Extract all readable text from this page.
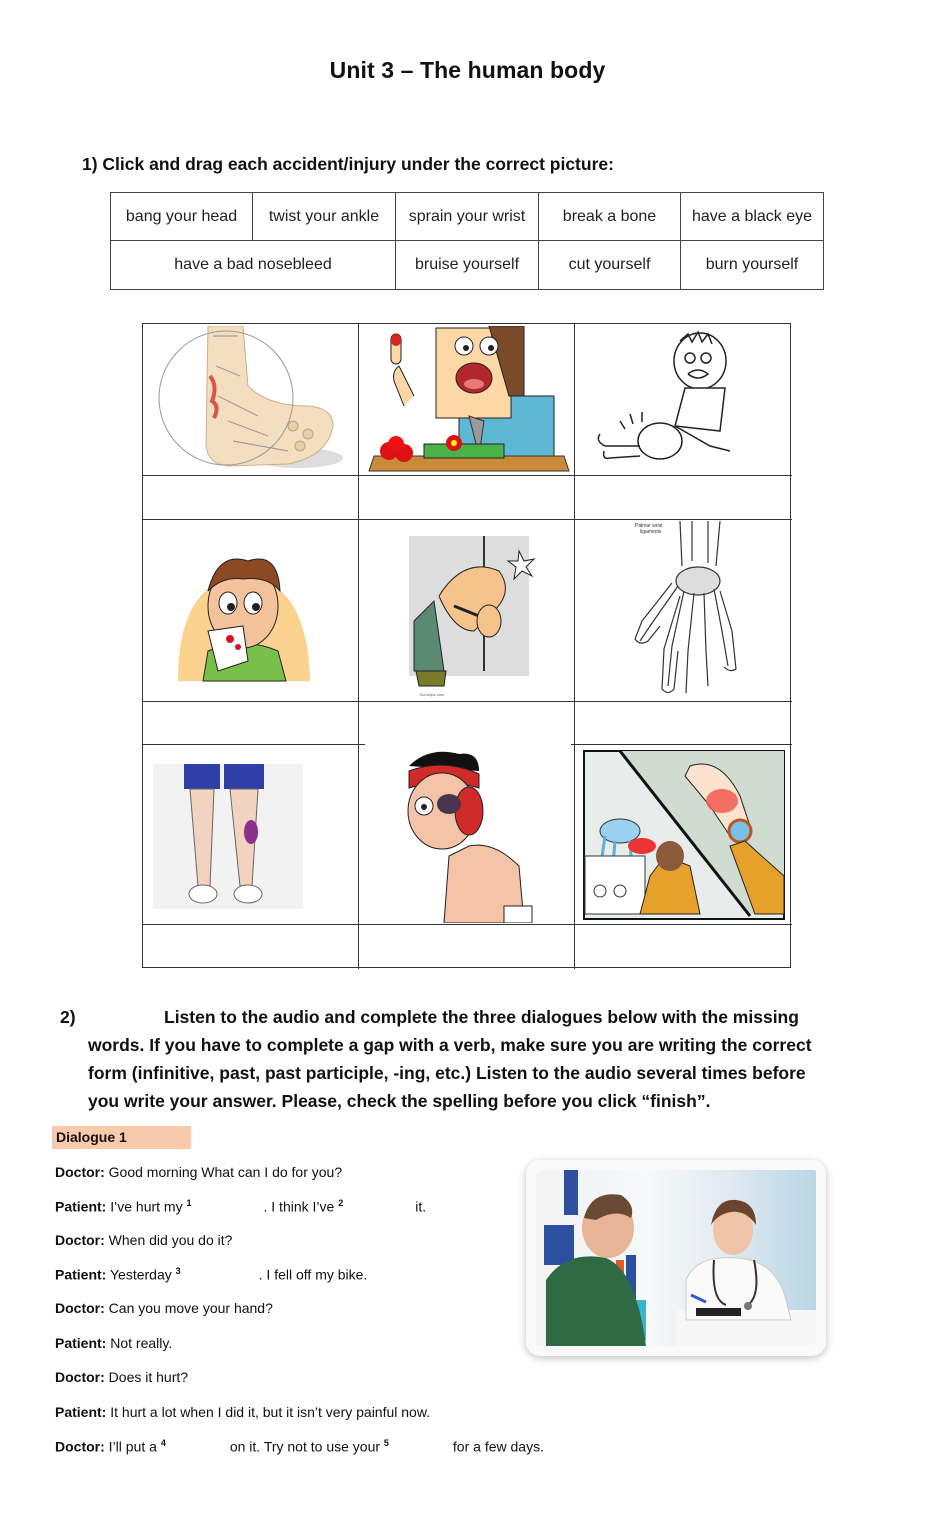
Unit 3 – The human body
1) Click and drag each accident/injury under the correct picture:
bang your head	twist your ankle	sprain your wrist	break a bone	have a black eye
have a bad nosebleed	bruise yourself	cut yourself	burn yourself
Toonclips.com
Palmar wrist
ligaments
2)	Listen to the audio and complete the three dialogues below with the missing
words. If you have to complete a gap with a verb, make sure you are writing the correct
form (infinitive, past, past participle, -ing, etc.) Listen to the audio several times before
you write your answer. Please, check the spelling before you click “finish”.
Dialogue 1
Doctor: Good morning What can I do for you?
Patient: I’ve hurt my $^1$	. I think I’ve $^2$	it.
Doctor: When did you do it?
Patient: Yesterday $^3$	. I fell off my bike.
Doctor: Can you move your hand?
Patient: Not really.
Doctor: Does it hurt?
Patient: It hurt a lot when I did it, but it isn’t very painful now.
Doctor: I’ll put a $^4$	on it. Try not to use your $^5$	for a few days.
